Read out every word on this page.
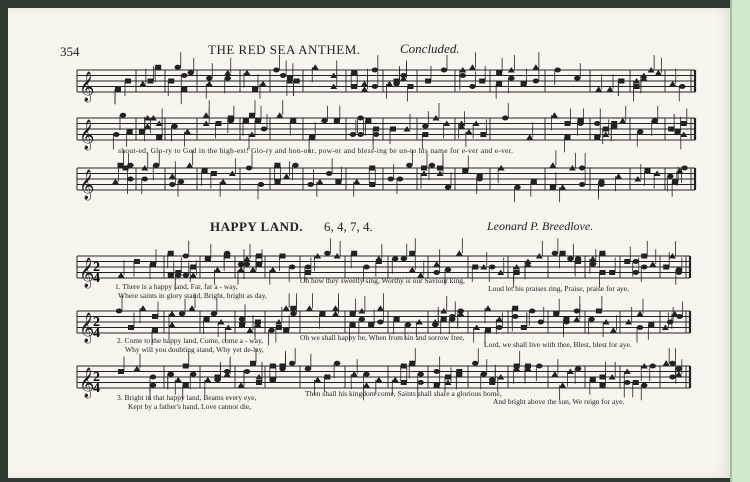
354	THE RED SEA ANTHEM.	Concluded.
𝄞
𝄞
𝄞
𝄞
𝄞
𝄞
2
4
2
4
2
4
shout-ed, Glo-ry to God in the high-est! Glo-ry and hon-our, pow-er and bless-ing be un-to his name for e-ver and e-ver.
HAPPY LAND. 6, 4, 7, 4.	Leonard P. Breedlove.
1. There is a happy land, Far, far a - way,
Where saints in glory stand, Bright, bright as day,
Oh how they sweetly sing, Worthy is our Saviour king,
Loud let his praises ring, Praise, praise for aye,
2. Come to the happy land, Come, come a - way,
Why will you doubting stand, Why yet de-lay,
Oh we shall happy be, When from sin and sorrow free,
Lord, we shall live with thee, Blest, blest for aye.
3. Bright in that happy land, Beams every eye,
Kept by a father's hand, Love cannot die,
Then shall his kingdom come, Saints shall share a glorious home,
And bright above the sun, We reign for aye.
